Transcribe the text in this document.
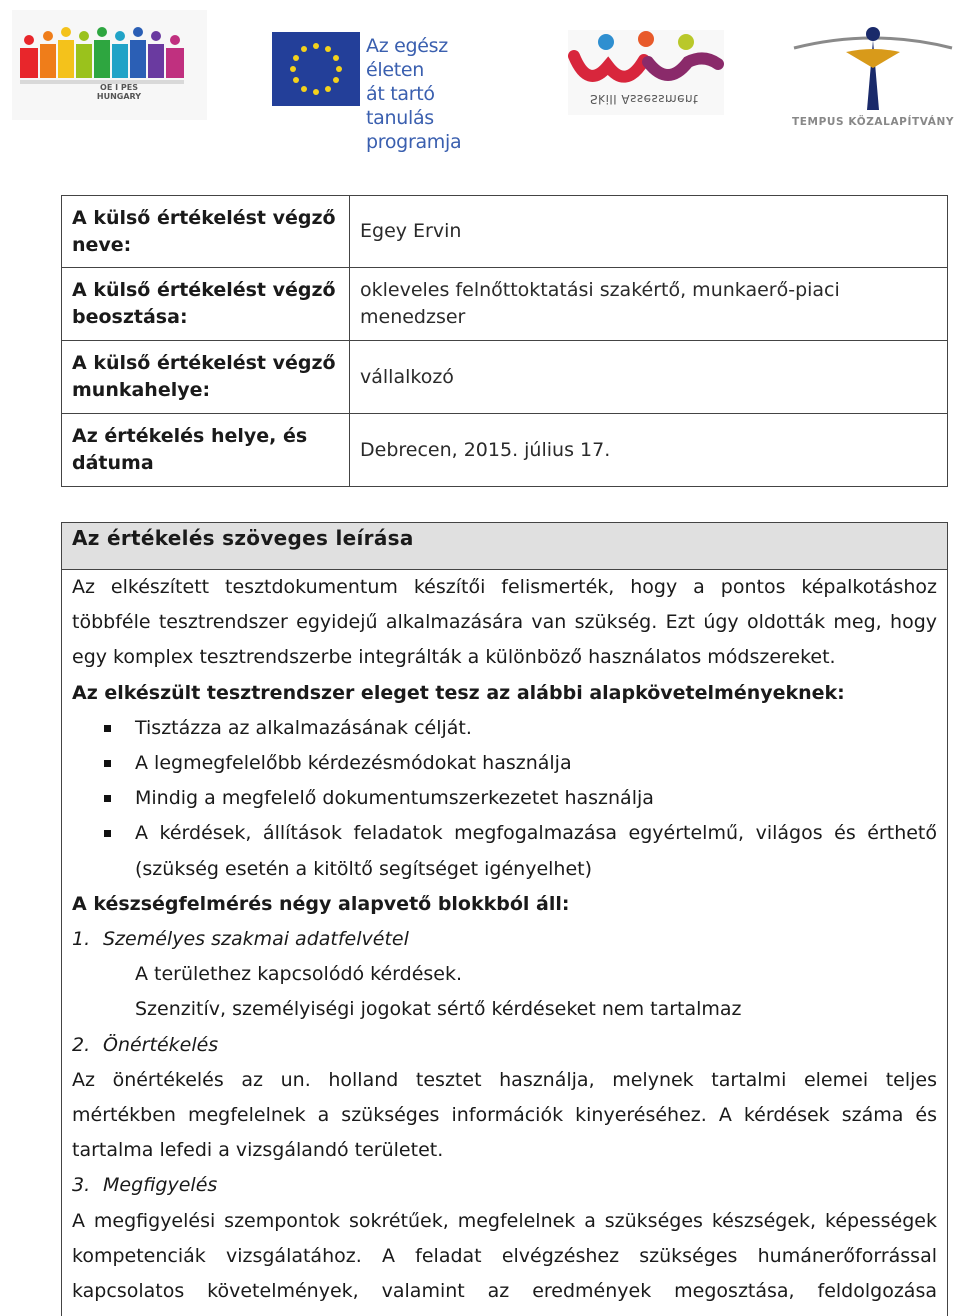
OE I PES HUNGARY
Az egész életen
át tartó tanulás
programja
Skill Assessment
TEMPUS KÖZALAPÍTVÁNY
A külső értékelést végző neve:	Egey Ervin
A külső értékelést végző beosztása:	okleveles felnőttoktatási szakértő, munkaerő-piaci menedzser
A külső értékelést végző munkahelye:	vállalkozó
Az értékelés helye, és dátuma	Debrecen, 2015. július 17.
Az értékelés szöveges leírása

Az elkészített tesztdokumentum készítői felismerték, hogy a pontos képalkotáshoz

többféle tesztrendszer egyidejű alkalmazására van szükség. Ezt úgy oldották meg, hogy

egy komplex tesztrendszerbe integrálták a különböző használatos módszereket.

Az elkészült tesztrendszer eleget tesz az alábbi alapkövetelményeknek:

Tisztázza az alkalmazásának célját.
A legmegfelelőbb kérdezésmódokat használja
Mindig a megfelelő dokumentumszerkezetet használja
A kérdések, állítások feladatok megfogalmazása egyértelmű, világos és érthető
(szükség esetén a kitöltő segítséget igényelhet)

A készségfelmérés négy alapvető blokkból áll:

1. Személyes szakmai adatfelvétel

A területhez kapcsolódó kérdések.

Szenzitív, személyiségi jogokat sértő kérdéseket nem tartalmaz

2. Önértékelés

Az önértékelés az un. holland tesztet használja, melynek tartalmi elemei teljes

mértékben megfelelnek a szükséges információk kinyeréséhez. A kérdések száma és

tartalma lefedi a vizsgálandó területet.

3. Megfigyelés

A megfigyelési szempontok sokrétűek, megfelelnek a szükséges készségek, képességek

kompetenciák vizsgálatához. A feladat elvégzéshez szükséges humánerőforrással

kapcsolatos követelmények, valamint az eredmények megosztása, feldolgozása
